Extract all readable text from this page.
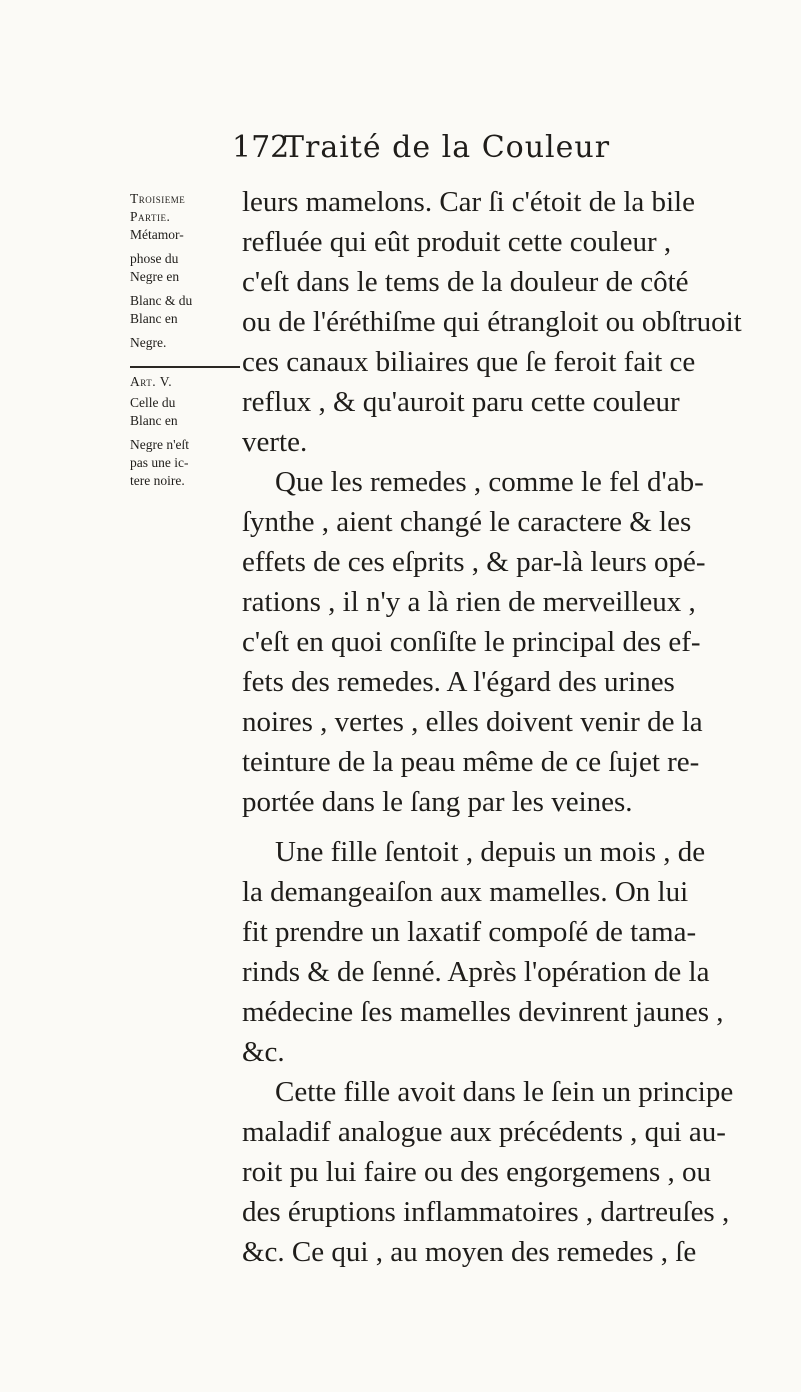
172
Traité de la Couleur
Troisieme
Partie.
Métamor-
phose du
Negre en
Blanc & du
Blanc en
Negre.
Art. V.
Celle du
Blanc en
Negre n'eſt
pas une ic-
tere noire.
leurs mamelons. Car ſi c'étoit de la bile
refluée qui eût produit cette couleur ,
c'eſt dans le tems de la douleur de côté
ou de l'éréthiſme qui étrangloit ou obſtruoit
ces canaux biliaires que ſe feroit fait ce
reflux , & qu'auroit paru cette couleur
verte.
Que les remedes , comme le fel d'ab-
ſynthe , aient changé le caractere & les
effets de ces eſprits , & par-là leurs opé-
rations , il n'y a là rien de merveilleux ,
c'eſt en quoi conſiſte le principal des ef-
fets des remedes. A l'égard des urines
noires , vertes , elles doivent venir de la
teinture de la peau même de ce ſujet re-
portée dans le ſang par les veines.
Une fille ſentoit , depuis un mois , de
la demangeaiſon aux mamelles. On lui
fit prendre un laxatif compoſé de tama-
rinds & de ſenné. Après l'opération de la
médecine ſes mamelles devinrent jaunes ,
&c.
Cette fille avoit dans le ſein un principe
maladif analogue aux précédents , qui au-
roit pu lui faire ou des engorgemens , ou
des éruptions inflammatoires , dartreuſes ,
&c. Ce qui , au moyen des remedes , ſe
